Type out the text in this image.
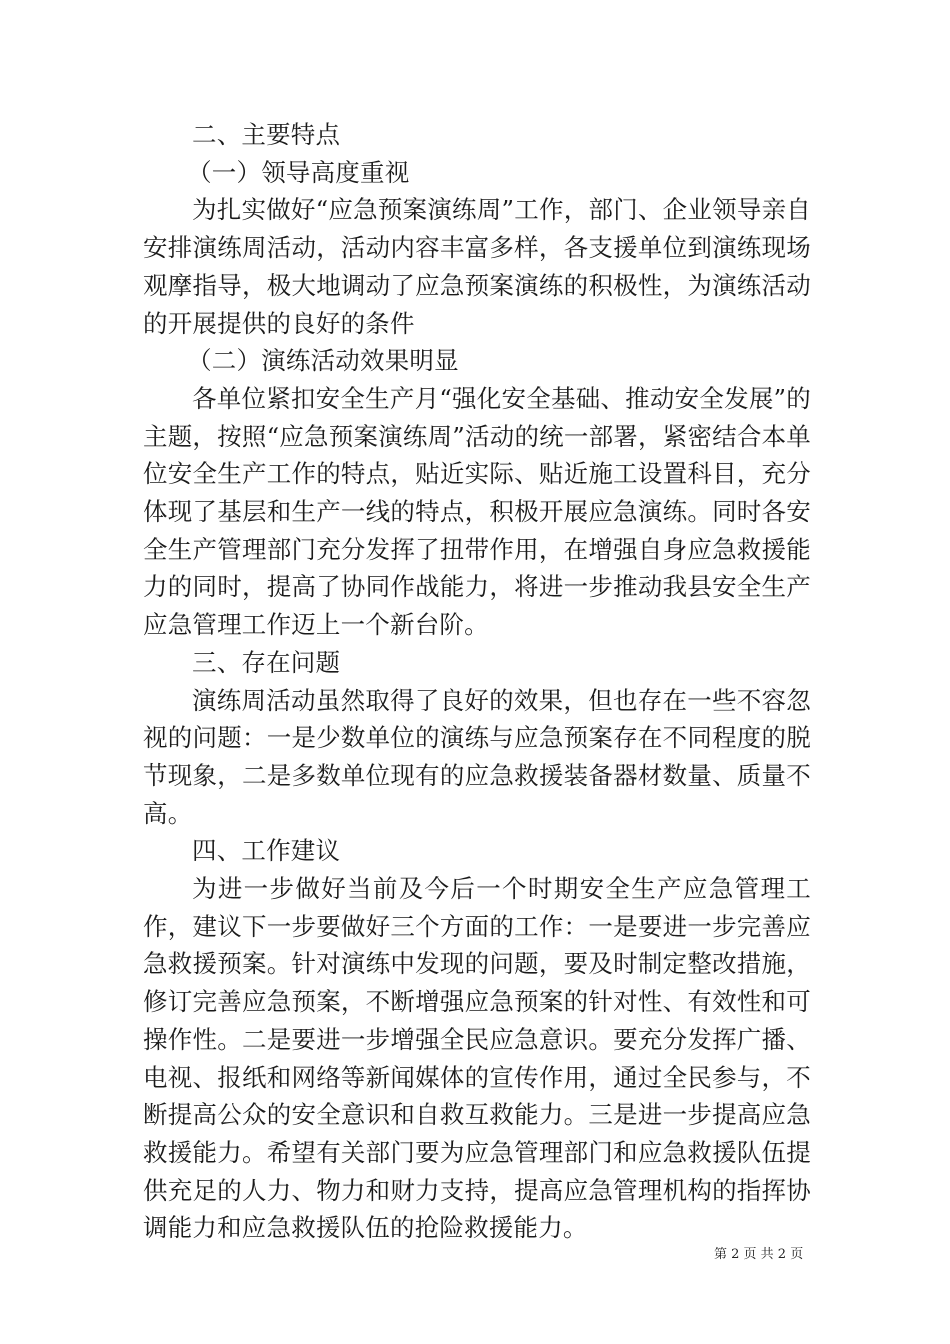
二、主要特点

（一）领导高度重视

为扎实做好“应急预案演练周”工作，部门、企业领导亲自安排演练周活动，活动内容丰富多样，各支援单位到演练现场观摩指导，极大地调动了应急预案演练的积极性，为演练活动的开展提供的良好的条件

（二）演练活动效果明显

各单位紧扣安全生产月“强化安全基础、推动安全发展”的主题，按照“应急预案演练周”活动的统一部署，紧密结合本单位安全生产工作的特点，贴近实际、贴近施工设置科目，充分体现了基层和生产一线的特点，积极开展应急演练。同时各安全生产管理部门充分发挥了扭带作用，在增强自身应急救援能力的同时，提高了协同作战能力，将进一步推动我县安全生产应急管理工作迈上一个新台阶。

三、存在问题

演练周活动虽然取得了良好的效果，但也存在一些不容忽视的问题：一是少数单位的演练与应急预案存在不同程度的脱节现象，二是多数单位现有的应急救援装备器材数量、质量不高。

四、工作建议

为进一步做好当前及今后一个时期安全生产应急管理工作，建议下一步要做好三个方面的工作：一是要进一步完善应急救援预案。针对演练中发现的问题，要及时制定整改措施，修订完善应急预案，不断增强应急预案的针对性、有效性和可操作性。二是要进一步增强全民应急意识。要充分发挥广播、电视、报纸和网络等新闻媒体的宣传作用，通过全民参与，不断提高公众的安全意识和自救互救能力。三是进一步提高应急救援能力。希望有关部门要为应急管理部门和应急救援队伍提供充足的人力、物力和财力支持，提高应急管理机构的指挥协调能力和应急救援队伍的抢险救援能力。

第 2 页 共 2 页
